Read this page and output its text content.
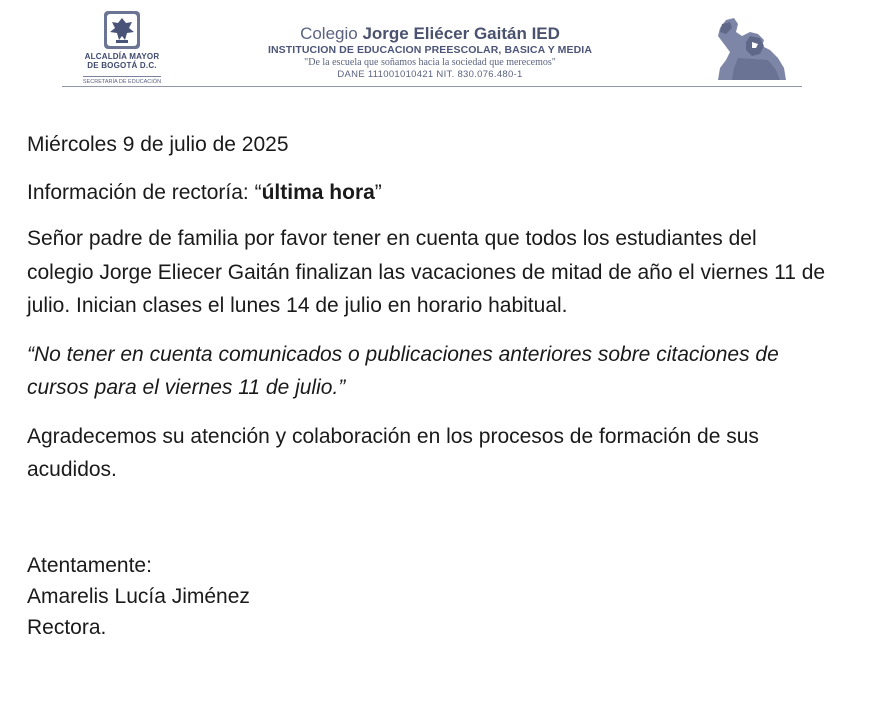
ALCALDÍA MAYOR
DE BOGOTÁ D.C.
SECRETARÍA DE EDUCACIÓN
Colegio Jorge Eliécer Gaitán IED
INSTITUCION DE EDUCACION PREESCOLAR, BASICA Y MEDIA
"De la escuela que soñamos hacia la sociedad que merecemos"
DANE 111001010421 NIT. 830.076.480-1

Miércoles 9 de julio de 2025

Información de rectoría: “última hora”

Señor padre de familia por favor tener en cuenta que todos los estudiantes del colegio Jorge Eliecer Gaitán finalizan las vacaciones de mitad de año el viernes 11 de julio. Inician clases el lunes 14 de julio en horario habitual.

“No tener en cuenta comunicados o publicaciones anteriores sobre citaciones de cursos para el viernes 11 de julio.”

Agradecemos su atención y colaboración en los procesos de formación de sus acudidos.

Atentamente:

Amarelis Lucía Jiménez

Rectora.
